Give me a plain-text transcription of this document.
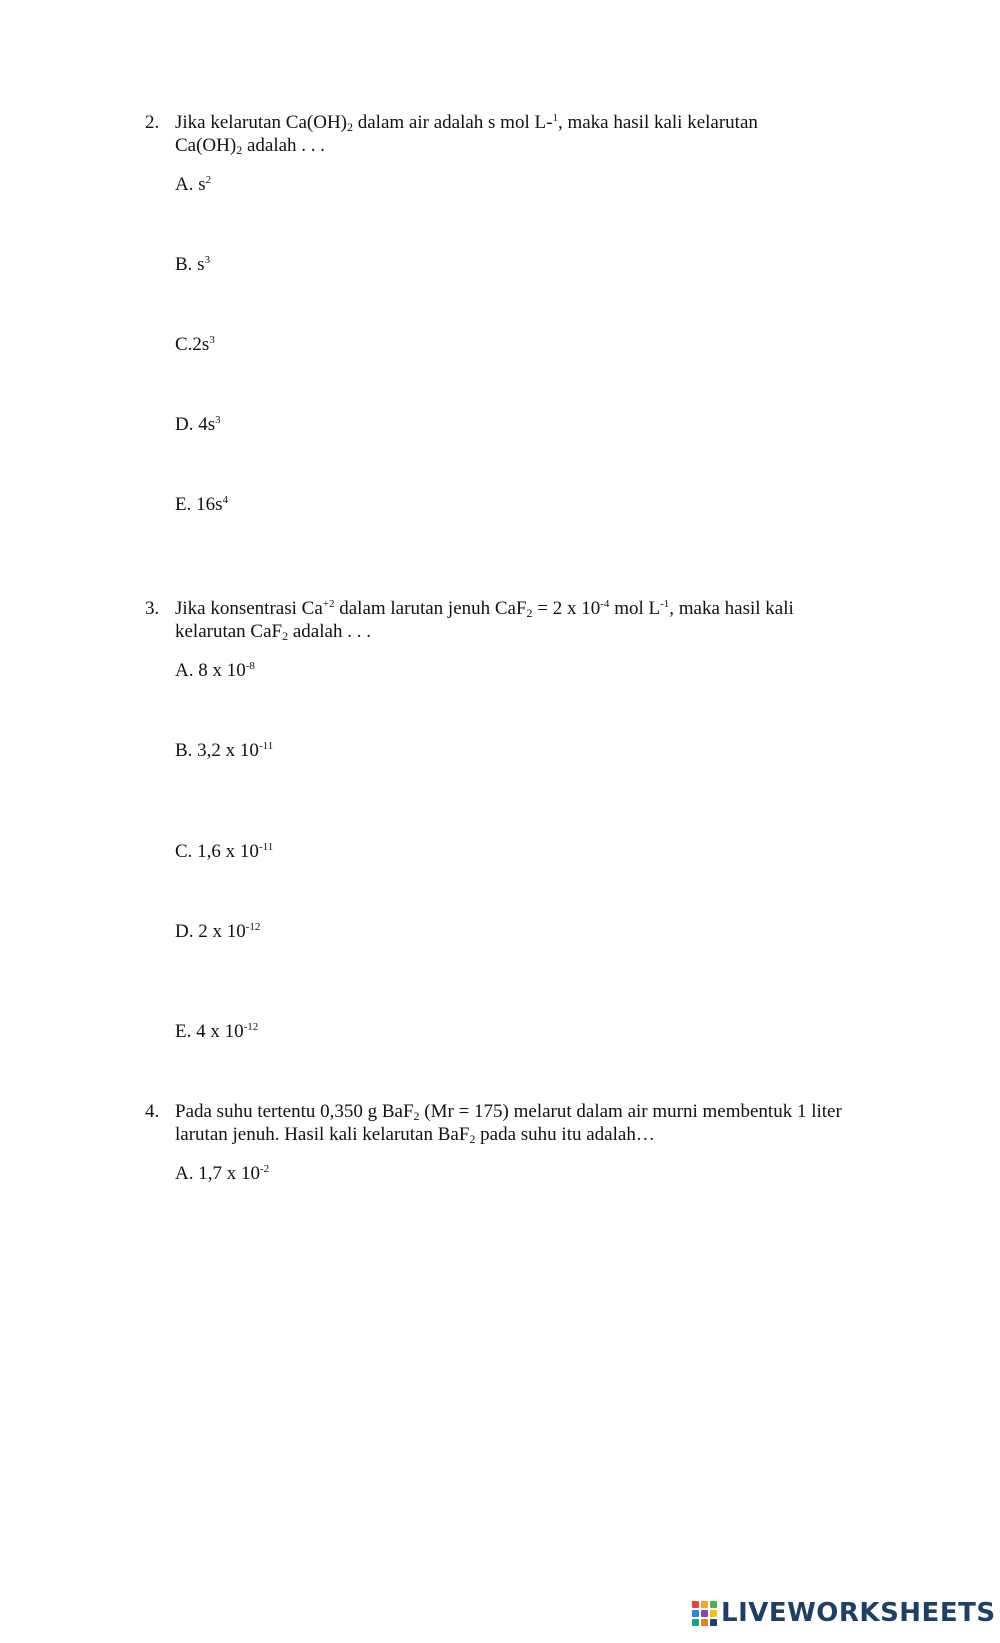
2. Jika kelarutan $Ca(OH)_2$ dalam air adalah s mol L-$^1$, maka hasil kali kelarutan
$Ca(OH)_2$ adalah . . .
A. $s^2$
B. $s^3$
$C.2s^3$
D. $4s^3$
E. $16s^4$
3. Jika konsentrasi $Ca^{+2}$ dalam larutan jenuh CaF$_2$ = 2 x $10^{-4}$ mol $L^{-1}$, maka hasil kali
kelarutan CaF$_2$ adalah . . .
A. 8 x $10^{-8}$
B. 3,2 x $10^{-11}$
C. 1,6 x $10^{-11}$
D. 2 x $10^{-12}$
E. 4 x $10^{-12}$
4. Pada suhu tertentu 0,350 g BaF$_2$ (Mr = 175) melarut dalam air murni membentuk 1 liter
larutan jenuh. Hasil kali kelarutan BaF$_2$ pada suhu itu adalah…
A. 1,7 x $10^{-2}$
LIVEWORKSHEETS
